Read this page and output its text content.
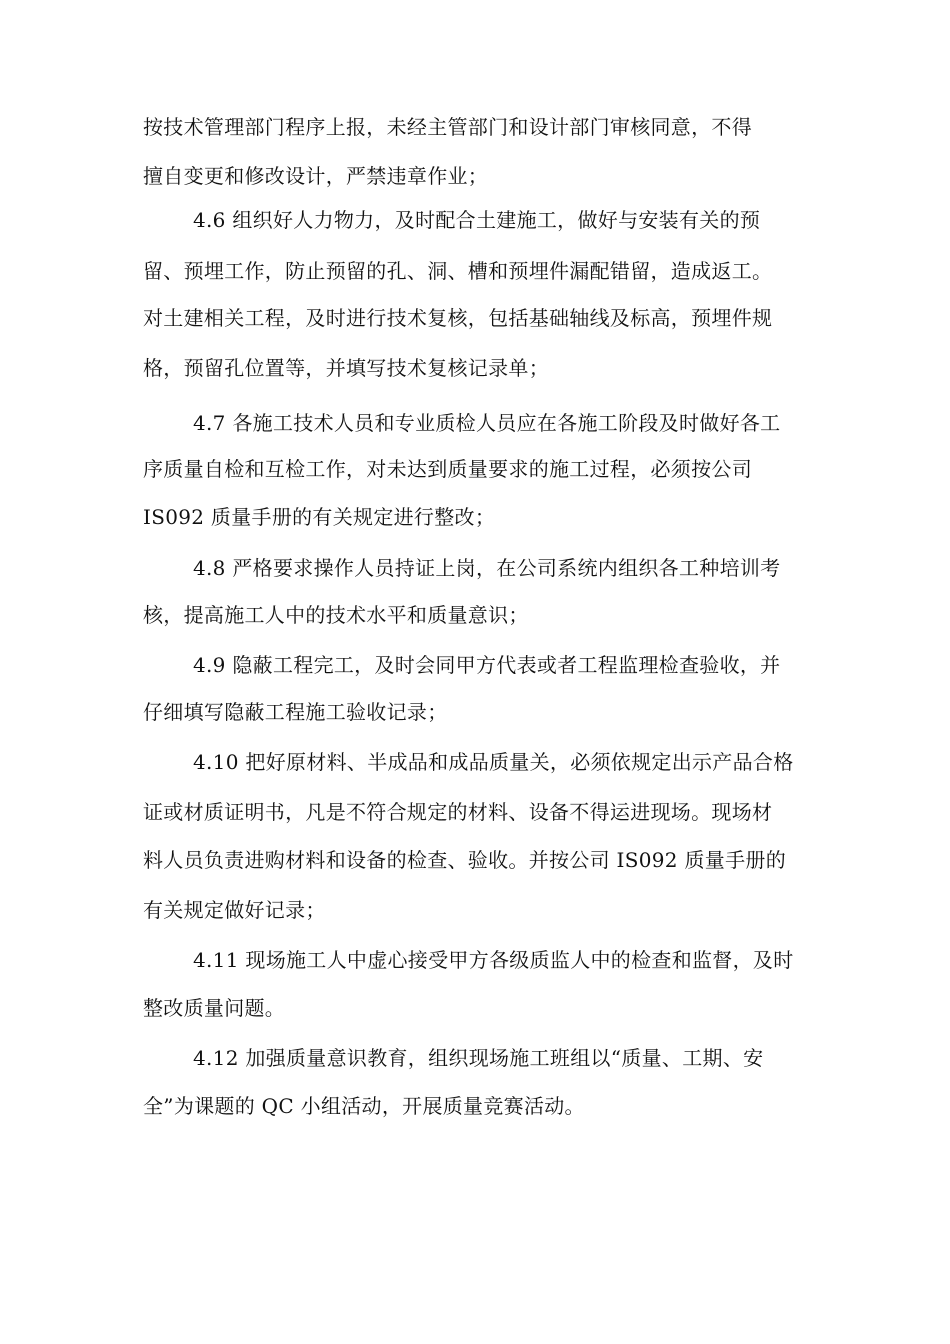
按技术管理部门程序上报，未经主管部门和设计部门审核同意，不得
擅自变更和修改设计，严禁违章作业；
4.6 组织好人力物力，及时配合土建施工，做好与安装有关的预
留、预埋工作，防止预留的孔、洞、槽和预埋件漏配错留，造成返工。
对土建相关工程，及时进行技术复核，包括基础轴线及标高，预埋件规
格，预留孔位置等，并填写技术复核记录单；
4.7 各施工技术人员和专业质检人员应在各施工阶段及时做好各工
序质量自检和互检工作，对未达到质量要求的施工过程，必须按公司
IS092 质量手册的有关规定进行整改；
4.8 严格要求操作人员持证上岗，在公司系统内组织各工种培训考
核，提高施工人中的技术水平和质量意识；
4.9 隐蔽工程完工，及时会同甲方代表或者工程监理检查验收，并
仔细填写隐蔽工程施工验收记录；
4.10 把好原材料、半成品和成品质量关，必须依规定出示产品合格
证或材质证明书，凡是不符合规定的材料、设备不得运进现场。现场材
料人员负责进购材料和设备的检查、验收。并按公司 IS092 质量手册的
有关规定做好记录；
4.11 现场施工人中虚心接受甲方各级质监人中的检查和监督，及时
整改质量问题。
4.12 加强质量意识教育，组织现场施工班组以“质量、工期、安
全”为课题的 QC 小组活动，开展质量竞赛活动。
